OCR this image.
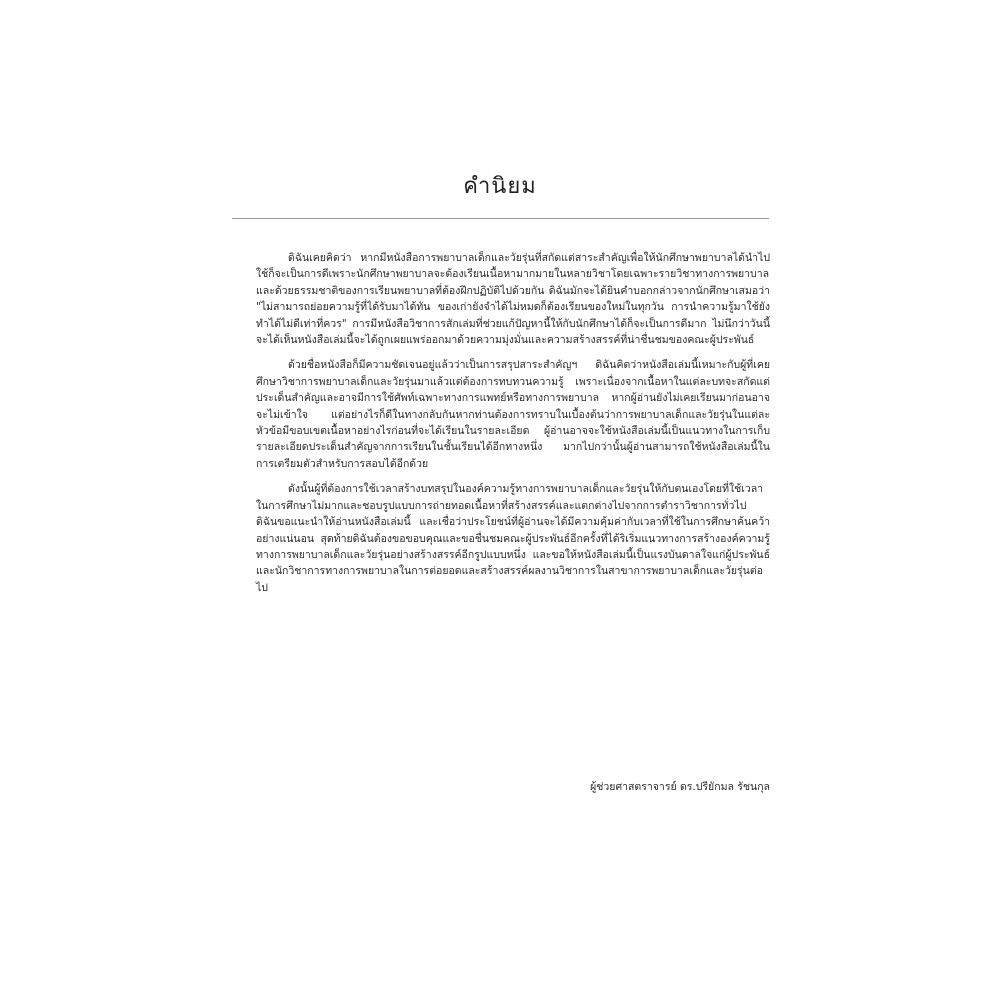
คำนิยม

ดิฉันเคยคิดว่า หากมีหนังสือการพยาบาลเด็กและวัยรุ่นที่สกัดแต่สาระสำคัญเพื่อให้นักศึกษาพยาบาลได้นำไปใช้ก็จะเป็นการดีเพราะนักศึกษาพยาบาลจะต้องเรียนเนื้อหามากมายในหลายวิชาโดยเฉพาะรายวิชาทางการพยาบาล และด้วยธรรมชาติของการเรียนพยาบาลที่ต้องฝึกปฏิบัติไปด้วยกัน ดิฉันมักจะได้ยินคำบอกกล่าวจากนักศึกษาเสมอว่า "ไม่สามารถย่อยความรู้ที่ได้รับมาได้ทัน ของเก่ายังจำได้ไม่หมดก็ต้องเรียนของใหม่ในทุกวัน การนำความรู้มาใช้ยังทำได้ไม่ดีเท่าที่ควร" การมีหนังสือวิชาการสักเล่มที่ช่วยแก้ปัญหานี้ให้กับนักศึกษาได้ก็จะเป็นการดีมาก ไม่นึกว่าวันนี้จะได้เห็นหนังสือเล่มนี้จะได้ถูกเผยแพร่ออกมาด้วยความมุ่งมั่นและความสร้างสรรค์ที่น่าชื่นชมของคณะผู้ประพันธ์

ด้วยชื่อหนังสือก็มีความชัดเจนอยู่แล้วว่าเป็นการสรุปสาระสำคัญฯ ดิฉันคิดว่าหนังสือเล่มนี้เหมาะกับผู้ที่เคยศึกษาวิชาการพยาบาลเด็กและวัยรุ่นมาแล้วแต่ต้องการทบทวนความรู้ เพราะเนื่องจากเนื้อหาในแต่ละบทจะสกัดแต่ประเด็นสำคัญและอาจมีการใช้ศัพท์เฉพาะทางการแพทย์หรือทางการพยาบาล หากผู้อ่านยังไม่เคยเรียนมาก่อนอาจจะไม่เข้าใจ แต่อย่างไรก็ดีในทางกลับกันหากท่านต้องการทราบในเบื้องต้นว่าการพยาบาลเด็กและวัยรุ่นในแต่ละหัวข้อมีขอบเขตเนื้อหาอย่างไรก่อนที่จะได้เรียนในรายละเอียด ผู้อ่านอาจจะใช้หนังสือเล่มนี้เป็นแนวทางในการเก็บรายละเอียดประเด็นสำคัญจากการเรียนในชั้นเรียนได้อีกทางหนึ่ง มากไปกว่านั้นผู้อ่านสามารถใช้หนังสือเล่มนี้ในการเตรียมตัวสำหรับการสอบได้อีกด้วย

ดังนั้นผู้ที่ต้องการใช้เวลาสร้างบทสรุปในองค์ความรู้ทางการพยาบาลเด็กและวัยรุ่นให้กับตนเองโดยที่ใช้เวลาในการศึกษาไม่มากและชอบรูปแบบการถ่ายทอดเนื้อหาที่สร้างสรรค์และแตกต่างไปจากการตำราวิชาการทั่วไป ดิฉันขอแนะนำให้อ่านหนังสือเล่มนี้ และเชื่อว่าประโยชน์ที่ผู้อ่านจะได้มีความคุ้มค่ากับเวลาที่ใช้ในการศึกษาค้นคว้าอย่างแน่นอน สุดท้ายดิฉันต้องขอขอบคุณและขอชื่นชมคณะผู้ประพันธ์อีกครั้งที่ได้ริเริ่มแนวทางการสร้างองค์ความรู้ทางการพยาบาลเด็กและวัยรุ่นอย่างสร้างสรรค์อีกรูปแบบหนึ่ง และขอให้หนังสือเล่มนี้เป็นแรงบันดาลใจแก่ผู้ประพันธ์และนักวิชาการทางการพยาบาลในการต่อยอดและสร้างสรรค์ผลงานวิชาการในสาขาการพยาบาลเด็กและวัยรุ่นต่อไป

ผู้ช่วยศาสตราจารย์ ดร.ปรียักมล รัชนกุล
